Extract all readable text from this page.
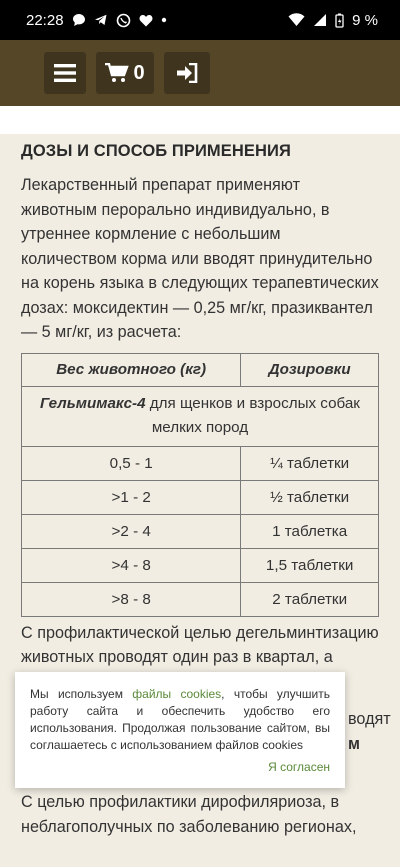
22:28	9 %
0
ДОЗЫ И СПОСОБ ПРИМЕНЕНИЯ

Лекарственный препарат применяют животным перорально индивидуально, в утреннее кормление с небольшим количеством корма или вводят принудительно на корень языка в следующих терапевтических дозах: моксидектин — 0,25 мг/кг, празиквантел — 5 мг/кг, из расчета:

Вес животного (кг)	Дозировки
Гельмимакс-4 для щенков и взрослых собак мелких пород	
0,5 - 1	¼ таблетки
>1 - 2	½ таблетки
>2 - 4	1 таблетка
>4 - 8	1,5 таблетки
>8 - 8	2 таблетки

С профилактической целью дегельминтизацию животных проводят один раз в квартал, а

водят
м
Мы используем файлы cookies, чтобы улучшить работу сайта и обеспечить удобство его использования. Продолжая пользование сайтом, вы соглашаетесь с использованием файлов cookies
Я согласен
С целью профилактики дирофиляриоза, в неблагополучных по заболеванию регионах,
